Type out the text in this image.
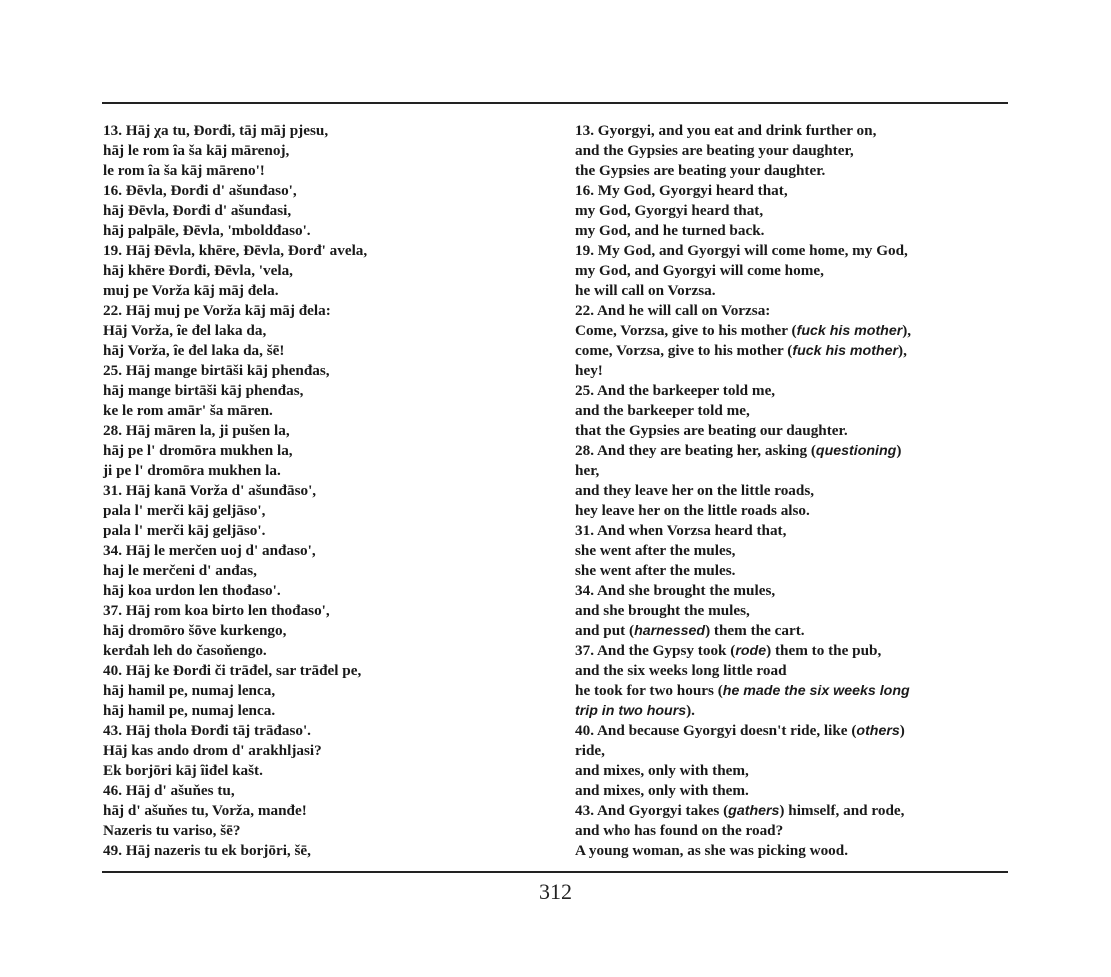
13. Hāj χa tu, Đorđi, tāj māj pjesu,
hāj le rom ȋa ša kāj mārenoj,
le rom ȋa ša kāj māreno'!
16. Đēvla, Đorđi d' ašunđaso',
hāj Đēvla, Đorđi d' ašunđasi,
hāj palpāle, Đēvla, 'mboldđaso'.
19. Hāj Đēvla, khēre, Đēvla, Đorđ' avela,
hāj khēre Đorđi, Đēvla, 'vela,
muj pe Vorža kāj māj đela.
22. Hāj muj pe Vorža kāj māj đela:
Hāj Vorža, ȋe đel laka da,
hāj Vorža, ȋe đel laka da, šē!
25. Hāj mange birtāši kāj phenđas,
hāj mange birtāši kāj phenđas,
ke le rom amār' ša māren.
28. Hāj māren la, ji pušen la,
hāj pe l' dromōra mukhen la,
ji pe l' dromōra mukhen la.
31. Hāj kanā Vorža d' ašunđāso',
pala l' merči kāj geljāso',
pala l' merči kāj geljāso'.
34. Hāj le merčen uoj d' anđaso',
haj le merčeni d' anđas,
hāj koa urdon len thođaso'.
37. Hāj rom koa birto len thođaso',
hāj dromōro šōve kurkengo,
kerđah leh do časoňengo.
40. Hāj ke Đorđi či trāđel, sar trāđel pe,
hāj hamil pe, numaj lenca,
hāj hamil pe, numaj lenca.
43. Hāj thola Đorđi tāj trāđaso'.
Hāj kas ando drom d' arakhljasi?
Ek borjōri kāj ȋiđel kašt.
46. Hāj d' ašuňes tu,
hāj d' ašuňes tu, Vorža, manđe!
Nazeris tu variso, šē?
49. Hāj nazeris tu ek borjōri, šē,
13. Gyorgyi, and you eat and drink further on,
and the Gypsies are beating your daughter,
the Gypsies are beating your daughter.
16. My God, Gyorgyi heard that,
my God, Gyorgyi heard that,
my God, and he turned back.
19. My God, and Gyorgyi will come home, my God,
my God, and Gyorgyi will come home,
he will call on Vorzsa.
22. And he will call on Vorzsa:
Come, Vorzsa, give to his mother (fuck his mother),
come, Vorzsa, give to his mother (fuck his mother),
hey!
25. And the barkeeper told me,
and the barkeeper told me,
that the Gypsies are beating our daughter.
28. And they are beating her, asking (questioning)
her,
and they leave her on the little roads,
hey leave her on the little roads also.
31. And when Vorzsa heard that,
she went after the mules,
she went after the mules.
34. And she brought the mules,
and she brought the mules,
and put (harnessed) them the cart.
37. And the Gypsy took (rode) them to the pub,
and the six weeks long little road
he took for two hours (he made the six weeks long
trip in two hours).
40. And because Gyorgyi doesn't ride, like (others)
ride,
and mixes, only with them,
and mixes, only with them.
43. And Gyorgyi takes (gathers) himself, and rode,
and who has found on the road?
A young woman, as she was picking wood.
312
